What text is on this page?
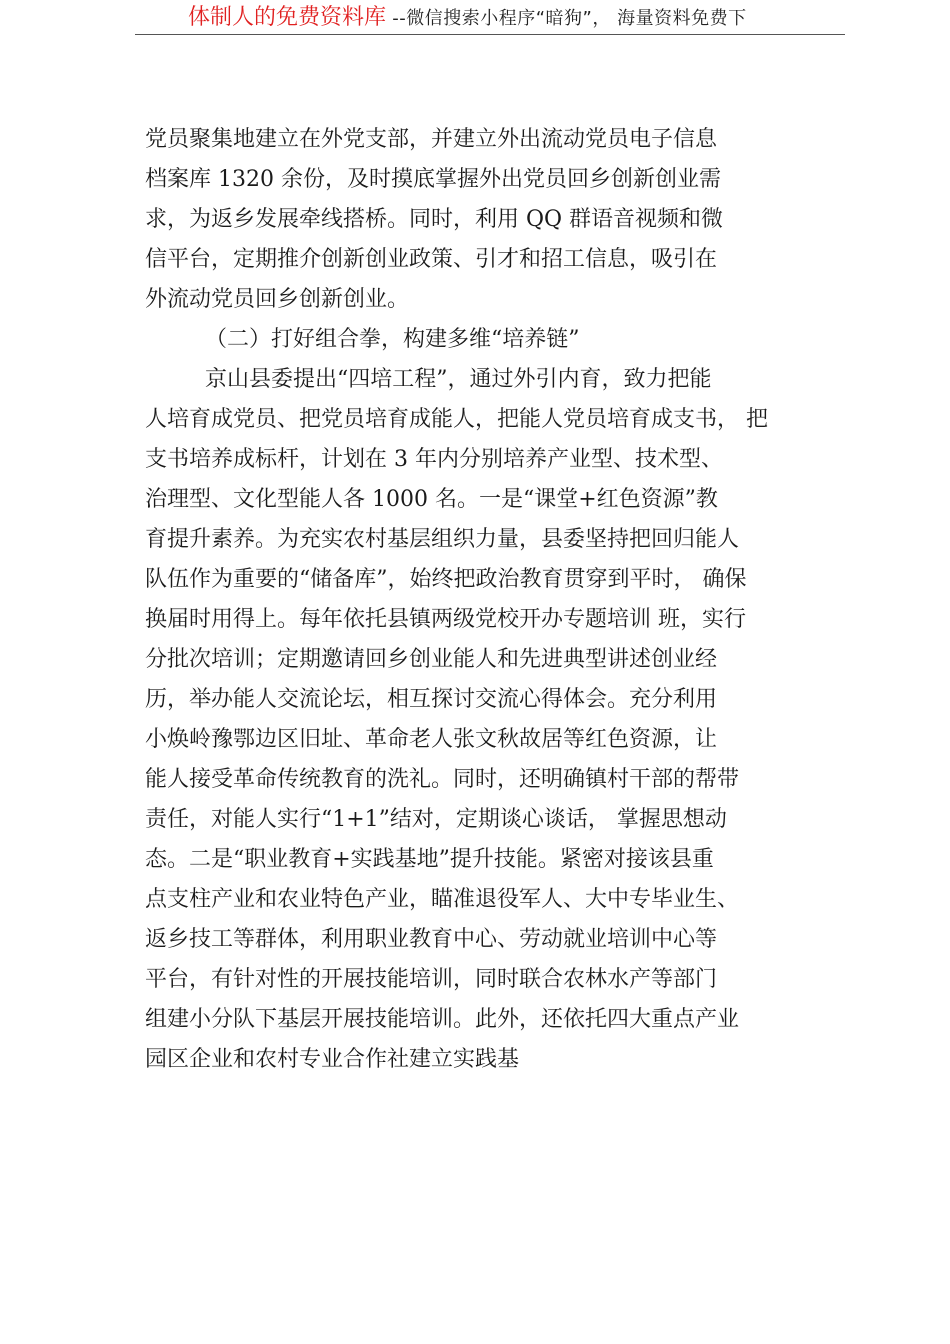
体制人的免费资料库 --微信搜索小程序“暗狗”， 海量资料免费下
党员聚集地建立在外党支部，并建立外出流动党员电子信息
档案库 1320 余份，及时摸底掌握外出党员回乡创新创业需
求，为返乡发展牵线搭桥。同时，利用 QQ 群语音视频和微
信平台，定期推介创新创业政策、引才和招工信息，吸引在
外流动党员回乡创新创业。
（二）打好组合拳，构建多维“培养链”
京山县委提出“四培工程”，通过外引内育，致力把能
人培育成党员、把党员培育成能人，把能人党员培育成支书， 把
支书培养成标杆，计划在 3 年内分别培养产业型、技术型、
治理型、文化型能人各 1000 名。一是“课堂+红色资源”教
育提升素养。为充实农村基层组织力量，县委坚持把回归能人
队伍作为重要的“储备库”，始终把政治教育贯穿到平时， 确保
换届时用得上。每年依托县镇两级党校开办专题培训 班，实行
分批次培训；定期邀请回乡创业能人和先进典型讲述创业经
历，举办能人交流论坛，相互探讨交流心得体会。充分利用
小焕岭豫鄂边区旧址、革命老人张文秋故居等红色资源，让
能人接受革命传统教育的洗礼。同时，还明确镇村干部的帮带
责任，对能人实行“1+1”结对，定期谈心谈话， 掌握思想动
态。二是“职业教育+实践基地”提升技能。紧密对接该县重
点支柱产业和农业特色产业，瞄准退役军人、大中专毕业生、
返乡技工等群体，利用职业教育中心、劳动就业培训中心等
平台，有针对性的开展技能培训，同时联合农林水产等部门
组建小分队下基层开展技能培训。此外，还依托四大重点产业
园区企业和农村专业合作社建立实践基
